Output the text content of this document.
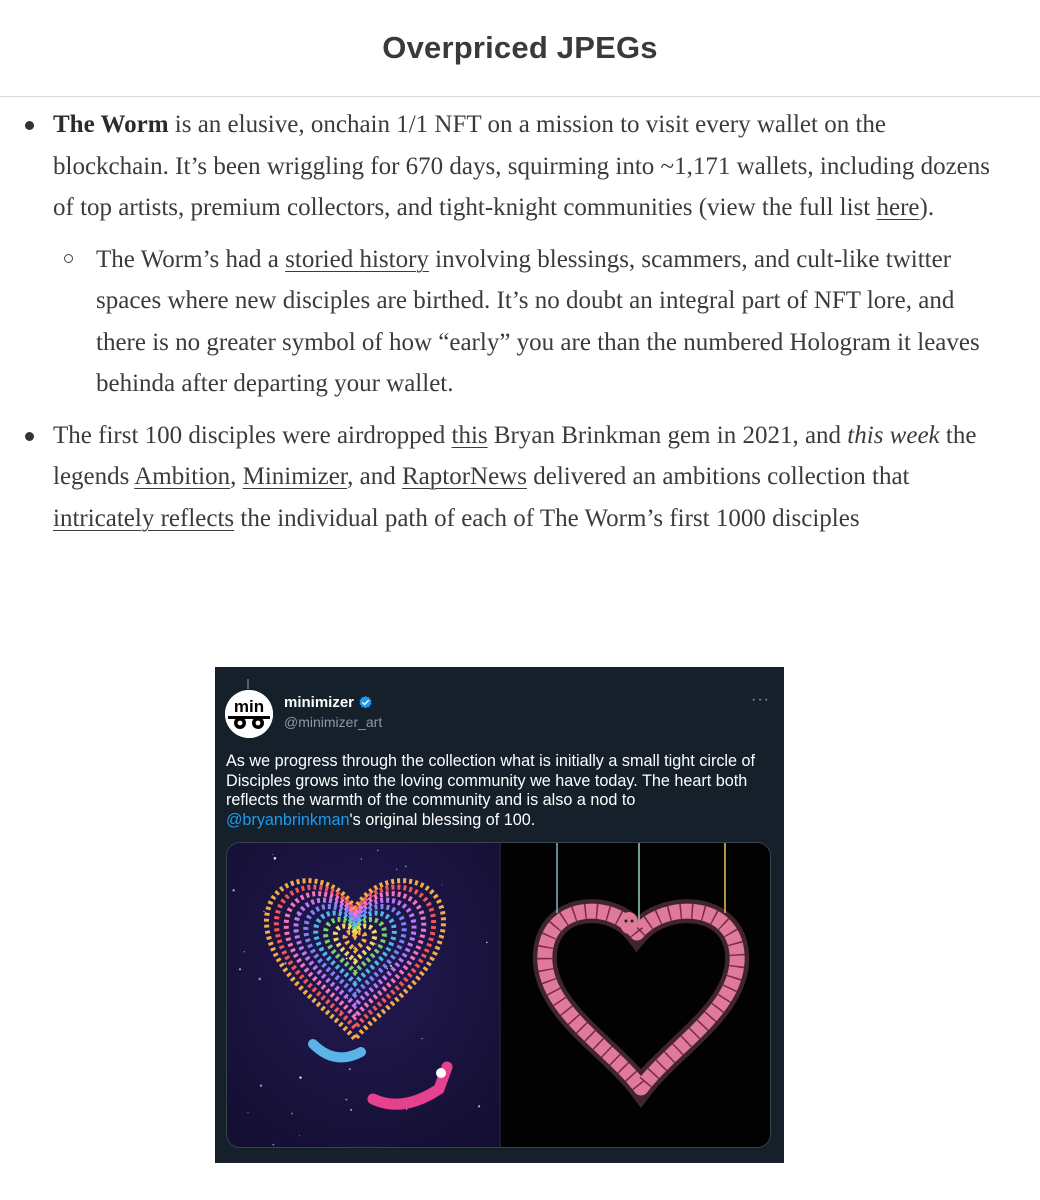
Overpriced JPEGs
The Worm is an elusive, onchain 1/1 NFT on a mission to visit every wallet on the blockchain. It’s been wriggling for 670 days, squirming into ~1,171 wallets, including dozens of top artists, premium collectors, and tight-knight communities (view the full list here).
The Worm’s had a storied history involving blessings, scammers, and cult-like twitter spaces where new disciples are birthed. It’s no doubt an integral part of NFT lore, and there is no greater symbol of how “early” you are than the numbered Hologram it leaves behinda after departing your wallet.
The first 100 disciples were airdropped this Bryan Brinkman gem in 2021, and this week the legends Ambition, Minimizer, and RaptorNews delivered an ambitions collection that intricately reflects the individual path of each of The Worm’s first 1000 disciples
min minimizer
@minimizer_art
···
As we progress through the collection what is initially a small tight circle of Disciples grows into the loving community we have today. The heart both reflects the warmth of the community and is also a nod to @bryanbrinkman's original blessing of 100.
